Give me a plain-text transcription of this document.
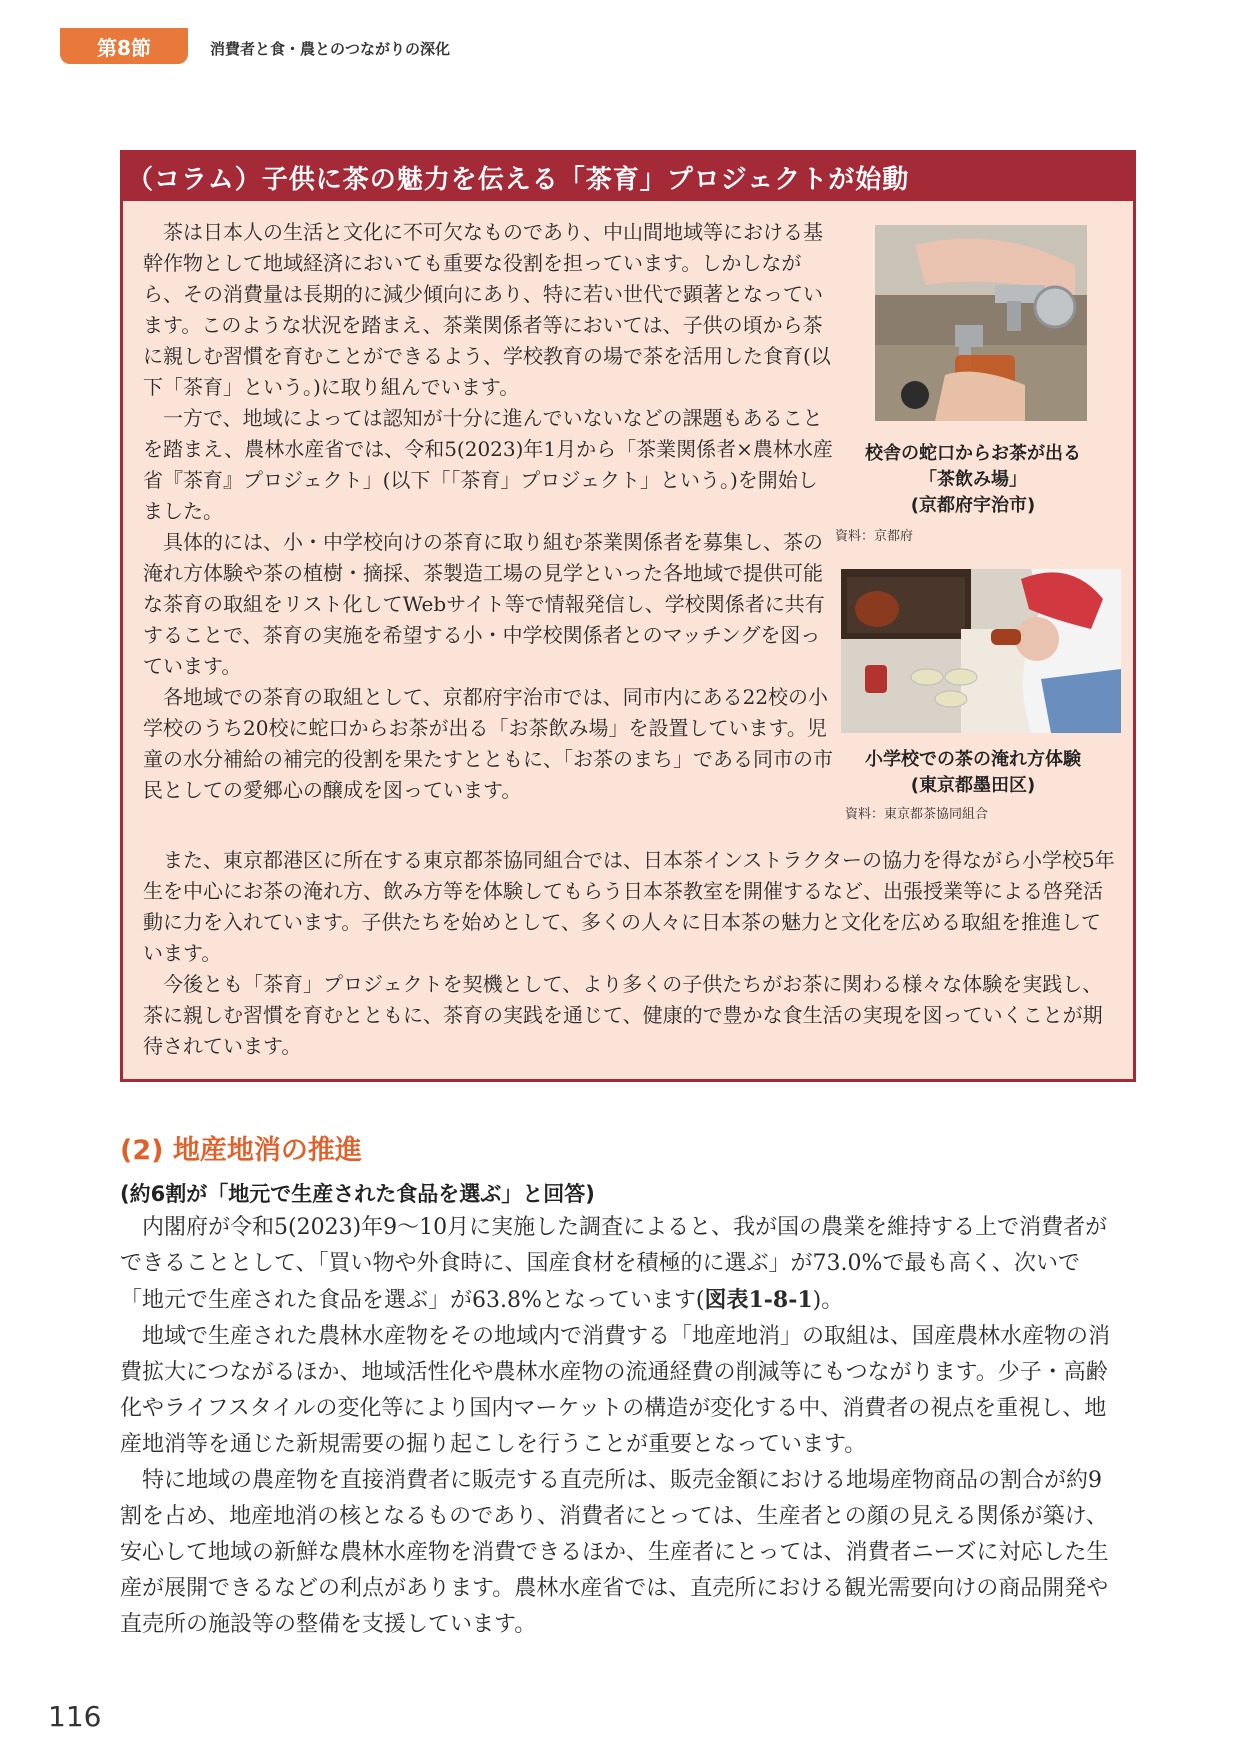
第8節	消費者と食・農とのつながりの深化
（コラム）子供に茶の魅力を伝える「茶育」プロジェクトが始動

茶は日本人の生活と文化に不可欠なものであり、中山間地域等における基幹作物として地域経済においても重要な役割を担っています。しかしながら、その消費量は長期的に減少傾向にあり、特に若い世代で顕著となっています。このような状況を踏まえ、茶業関係者等においては、子供の頃から茶に親しむ習慣を育むことができるよう、学校教育の場で茶を活用した食育(以下「茶育」という。)に取り組んでいます。

一方で、地域によっては認知が十分に進んでいないなどの課題もあることを踏まえ、農林水産省では、令和5(2023)年1月から「茶業関係者×農林水産省『茶育』プロジェクト」(以下「「茶育」プロジェクト」という。)を開始しました。

具体的には、小・中学校向けの茶育に取り組む茶業関係者を募集し、茶の淹れ方体験や茶の植樹・摘採、茶製造工場の見学といった各地域で提供可能な茶育の取組をリスト化してWebサイト等で情報発信し、学校関係者に共有することで、茶育の実施を希望する小・中学校関係者とのマッチングを図っています。

各地域での茶育の取組として、京都府宇治市では、同市内にある22校の小学校のうち20校に蛇口からお茶が出る「お茶飲み場」を設置しています。児童の水分補給の補完的役割を果たすとともに、「お茶のまち」である同市の市民としての愛郷心の醸成を図っています。

校舎の蛇口からお茶が出る
「茶飲み場」
(京都府宇治市)
資料：京都府
小学校での茶の淹れ方体験
(東京都墨田区)
資料：東京都茶協同組合

また、東京都港区に所在する東京都茶協同組合では、日本茶インストラクターの協力を得ながら小学校5年生を中心にお茶の淹れ方、飲み方等を体験してもらう日本茶教室を開催するなど、出張授業等による啓発活動に力を入れています。子供たちを始めとして、多くの人々に日本茶の魅力と文化を広める取組を推進しています。

今後とも「茶育」プロジェクトを契機として、より多くの子供たちがお茶に関わる様々な体験を実践し、茶に親しむ習慣を育むとともに、茶育の実践を通じて、健康的で豊かな食生活の実現を図っていくことが期待されています。

(2) 地産地消の推進
(約6割が「地元で生産された食品を選ぶ」と回答)

内閣府が令和5(2023)年9〜10月に実施した調査によると、我が国の農業を維持する上で消費者ができることとして、「買い物や外食時に、国産食材を積極的に選ぶ」が73.0%で最も高く、次いで「地元で生産された食品を選ぶ」が63.8%となっています(図表1-8-1)。

地域で生産された農林水産物をその地域内で消費する「地産地消」の取組は、国産農林水産物の消費拡大につながるほか、地域活性化や農林水産物の流通経費の削減等にもつながります。少子・高齢化やライフスタイルの変化等により国内マーケットの構造が変化する中、消費者の視点を重視し、地産地消等を通じた新規需要の掘り起こしを行うことが重要となっています。

特に地域の農産物を直接消費者に販売する直売所は、販売金額における地場産物商品の割合が約9割を占め、地産地消の核となるものであり、消費者にとっては、生産者との顔の見える関係が築け、安心して地域の新鮮な農林水産物を消費できるほか、生産者にとっては、消費者ニーズに対応した生産が展開できるなどの利点があります。農林水産省では、直売所における観光需要向けの商品開発や直売所の施設等の整備を支援しています。

116
